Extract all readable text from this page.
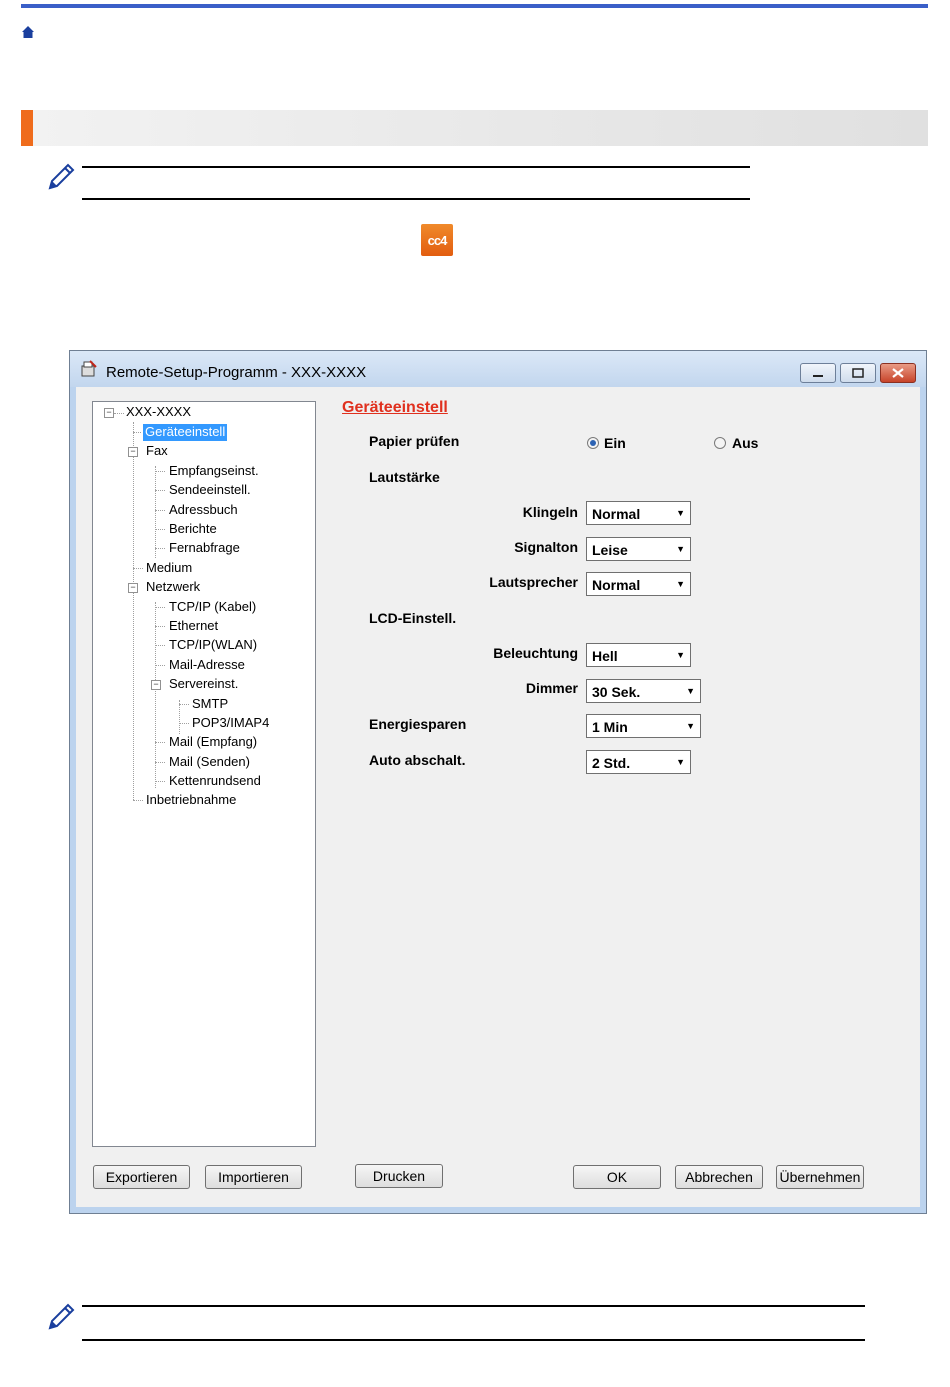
cc4
Remote-Setup-Programm - XXX-XXXX
− XXX-XXXX
Geräteeinstell
− Fax
Empfangseinst.
Sendeeinstell.
Adressbuch
Berichte
Fernabfrage
Medium
− Netzwerk
TCP/IP (Kabel)
Ethernet
TCP/IP(WLAN)
Mail-Adresse
− Servereinst.
SMTP
POP3/IMAP4
Mail (Empfang)
Mail (Senden)
Kettenrundsend
Inbetriebnahme
Geräteeinstell
Papier prüfen	Ein	Aus
Lautstärke
Klingeln Normal	▼
Signalton Leise	▼
Lautsprecher Normal	▼
LCD-Einstell.
Beleuchtung Hell	▼
Dimmer 30 Sek.	▼
Energiesparen	1 Min	▼
Auto abschalt.	2 Std.	▼
Exportieren	Importieren	Drucken	OK	Abbrechen	Übernehmen
